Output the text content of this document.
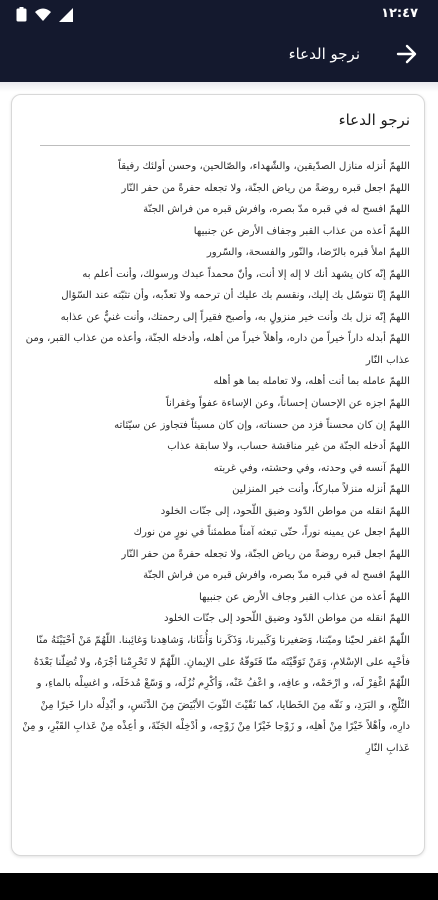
١٢:٤٧
نرجو الدعاء
نرجو الدعاء

اللهمّ أنزله منازل الصدّيقين، والشّهداء، والصّالحين، وحسن أولئك رفيقاً

اللهمّ اجعل قبره روضةً من رياض الجنّة، ولا تجعله حفرةً من حفر النّار

اللهمّ افسح له في قبره مدّ بصره، وافرش قبره من فراش الجنّة

اللهمّ أعذه من عذاب القبر وجفاف الأرض عن جنبيها

اللهمّ املأ قبره بالرّضا، والنّور والفسحة، والسّرور

اللهمّ إنّه كان يشهد أنك لا إله إلا أنت، وأنّ محمداً عبدك ورسولك، وأنت أعلم به

اللهمّ إنّا نتوسّل بك إليك، ونقسم بك عليك أن ترحمه ولا تعذّبه، وأن تثبّته عند السّؤال

اللهمّ إنّه نزل بك وأنت خير منزولٍ به، وأصبح فقيراً إلى رحمتك، وأنت غنيٌّ عن عذابه

اللهمّ أبدله داراً خيراً من داره، وأهلاً خيراً من أهله، وأدخله الجنّة، وأعذه من عذاب القبر، ومن عذاب النّار

اللهمّ عامله بما أنت أهله، ولا تعامله بما هو أهله

اللهمّ اجزه عن الإحسان إحساناً، وعن الإساءة عفواً وغفراناً

اللهمّ إن كان محسناً فزد من حسناته، وإن كان مسيئاً فتجاوز عن سيّئاته

اللهمّ أدخله الجنّة من غير مناقشة حساب، ولا سابقة عذاب

اللهمّ آنسه في وحدته، وفي وحشته، وفي غربته

اللهمّ أنزله منزلاً مباركاً، وأنت خير المنزلين

اللهمّ انقله من مواطن الدّود وضيق اللّحود، إلى جنّات الخلود

اللهمّ اجعل عن يمينه نوراً، حتّى تبعثه آمناً مطمئناً في نورٍ من نورك

اللهمّ اجعل قبره روضةً من رياض الجنّة، ولا تجعله حفرةً من حفر النّار

اللهمّ افسح له في قبره مدّ بصره، وافرش قبره من فراش الجنّة

اللهمّ أعذه من عذاب القبر وجاف الأرض عن جنبيها

اللهمّ انقله من مواطن الدّود وضيق اللّحود إلى جنّات الخلود

اللّهمّ اغفر لحيّنا وميّتنا، وَصَغيرنا وَكَبيرنا، وَذَكَرنا وَأُنثَانا، وَشاهِدنا وَغائِبنا. اللّهُمّ مَنْ أحْيَيْتَهُ منّا فأحْيِه على الإسْلامِ، وَمَنْ تَوَفّيْتَه منّا فَتَوفّهُ على الإيمانِ. اللّهُمّ لا تَحْرِمْنا أجْرَهُ، ولا تُضِلّنا بَعْدَهُ

اللّهُمّ اغْفِرْ لَه، و ارْحَمْه، و عافِه، و اعْفُ عَنْه، وَأكْرِم نُزُلَه، و وَسّعْ مُدخَلَه، و اغسِلْه بالماءِ، و الثّلْجِ، و البَرَدِ، و نَقّه مِنَ الخَطايا، كما نَقّيْتَ الثّوبَ الأبْيَضَ مِنَ الدَّنَسِ، و أبْدِلْه دارا خَيرًا مِنْ دارِه، وأهْلاً خَيْرًا مِنْ أهلِه، و زَوْجا خَيْرًا مِنْ زَوْجِه، و أدْخِلْه الجَنّةَ، و أعِذْه مِنْ عَذابِ القَبْرِ، و مِنْ عَذابِ النّارِ
